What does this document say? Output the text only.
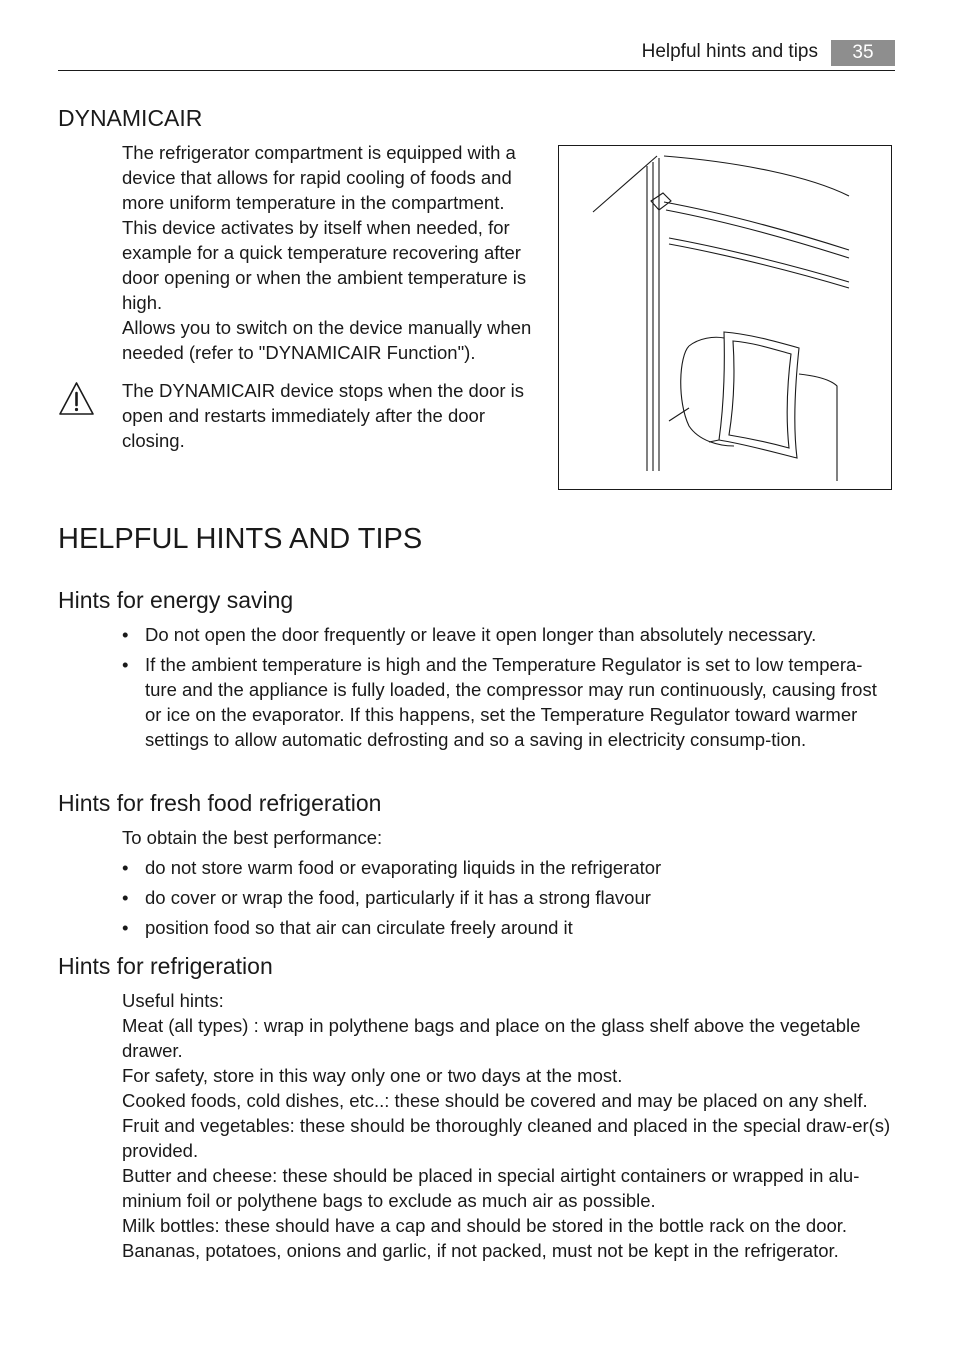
Helpful hints and tips	35
DYNAMICAIR
The refrigerator compartment is equipped with a device that allows for rapid cooling of foods and more uniform temperature in the compartment. This device activates by itself when needed, for example for a quick temperature recovering after door opening or when the ambient temperature is high.
Allows you to switch on the device manually when needed (refer to "DYNAMICAIR Function").
The DYNAMICAIR device stops when the door is open and restarts immediately after the door closing.
HELPFUL HINTS AND TIPS
Hints for energy saving
• Do not open the door frequently or leave it open longer than absolutely necessary.
• If the ambient temperature is high and the Temperature Regulator is set to low tempera-ture and the appliance is fully loaded, the compressor may run continuously, causing frost or ice on the evaporator. If this happens, set the Temperature Regulator toward warmer settings to allow automatic defrosting and so a saving in electricity consump-tion.
Hints for fresh food refrigeration
To obtain the best performance:
• do not store warm food or evaporating liquids in the refrigerator
• do cover or wrap the food, particularly if it has a strong flavour
• position food so that air can circulate freely around it
Hints for refrigeration
Useful hints:
Meat (all types) : wrap in polythene bags and place on the glass shelf above the vegetable drawer.
For safety, store in this way only one or two days at the most.
Cooked foods, cold dishes, etc..: these should be covered and may be placed on any shelf.
Fruit and vegetables: these should be thoroughly cleaned and placed in the special draw-er(s) provided.
Butter and cheese: these should be placed in special airtight containers or wrapped in alu-minium foil or polythene bags to exclude as much air as possible.
Milk bottles: these should have a cap and should be stored in the bottle rack on the door.
Bananas, potatoes, onions and garlic, if not packed, must not be kept in the refrigerator.
